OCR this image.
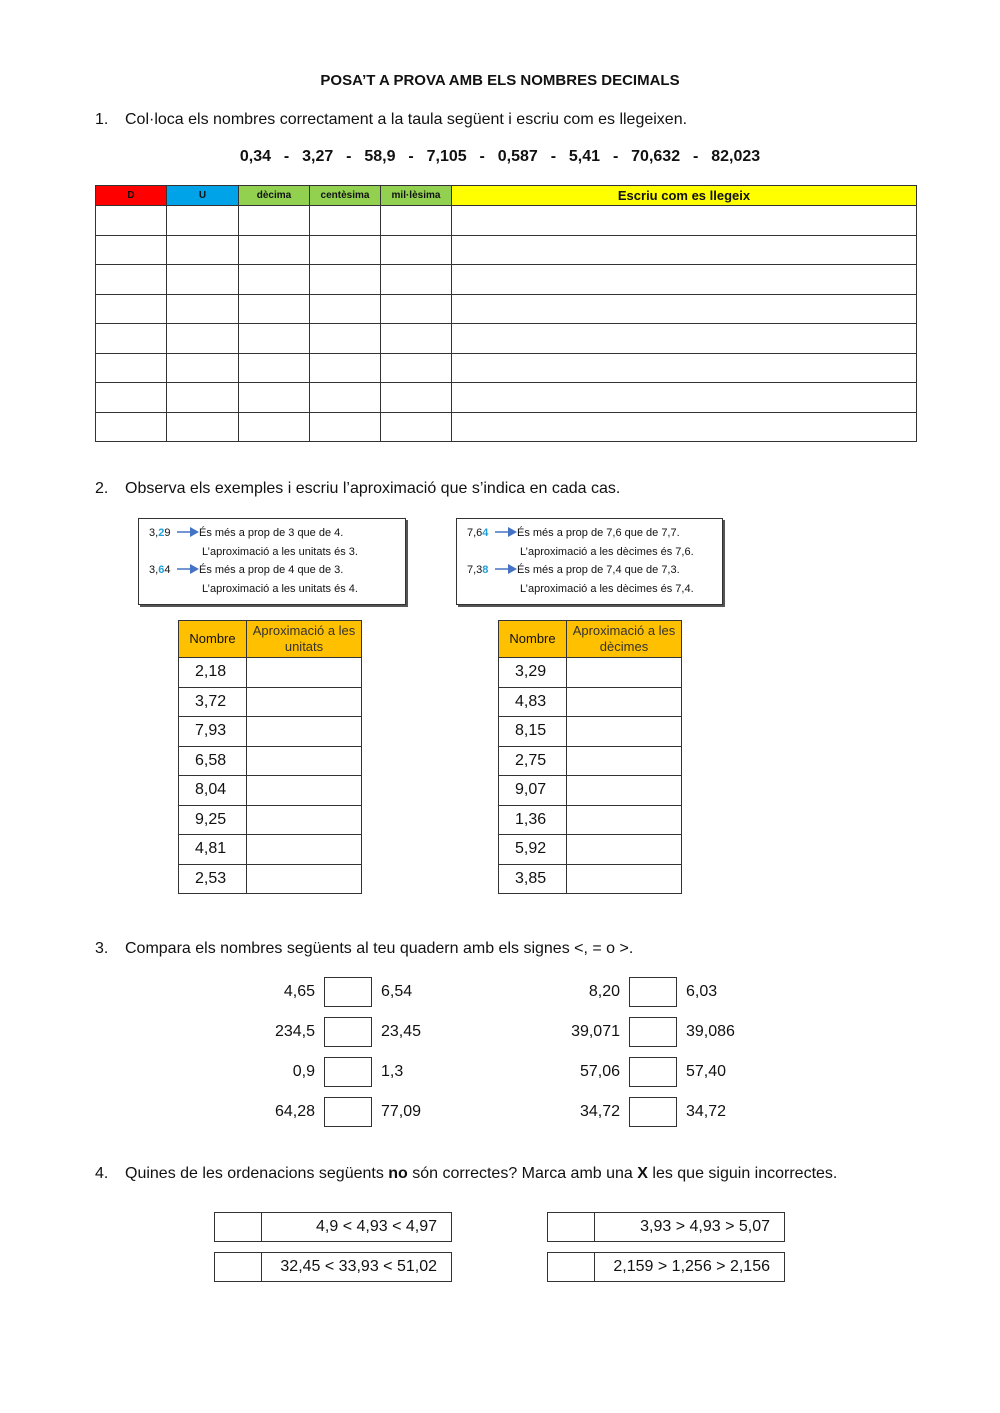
POSA’T A PROVA AMB ELS NOMBRES DECIMALS
1. Col·loca els nombres correctament a la taula següent i escriu com es llegeixen.
0,34  -  3,27  -  58,9  -  7,105  -  0,587  -  5,41  -  70,632  -  82,023
D	U	dècima	centèsima	mil·lèsima	Escriu com es llegeix

2. Observa els exemples i escriu l’aproximació que s’indica en cada cas.
3,29	És més a prop de 3 que de 4.
L’aproximació a les unitats és 3.
3,64	És més a prop de 4 que de 3.
L’aproximació a les unitats és 4.
7,64	És més a prop de 7,6 que de 7,7.
L’aproximació a les dècimes és 7,6.
7,38	És més a prop de 7,4 que de 7,3.
L’aproximació a les dècimes és 7,4.
Nombre	Aproximació a les unitats
2,18	
3,72	
7,93	
6,58	
8,04	
9,25	
4,81	
2,53	
Nombre	Aproximació a les dècimes
3,29	
4,83	
8,15	
2,75	
9,07	
1,36	
5,92	
3,85	
3. Compara els nombres següents al teu quadern amb els signes <, = o >.
4,65	6,54
234,5	23,45
0,9	1,3
64,28	77,09
8,20	6,03
39,071	39,086
57,06	57,40
34,72	34,72
4. Quines de les ordenacions següents no són correctes? Marca amb una X les que siguin incorrectes.
4,9 < 4,93 < 4,97
32,45 < 33,93 < 51,02
3,93 > 4,93 > 5,07
2,159 > 1,256 > 2,156
